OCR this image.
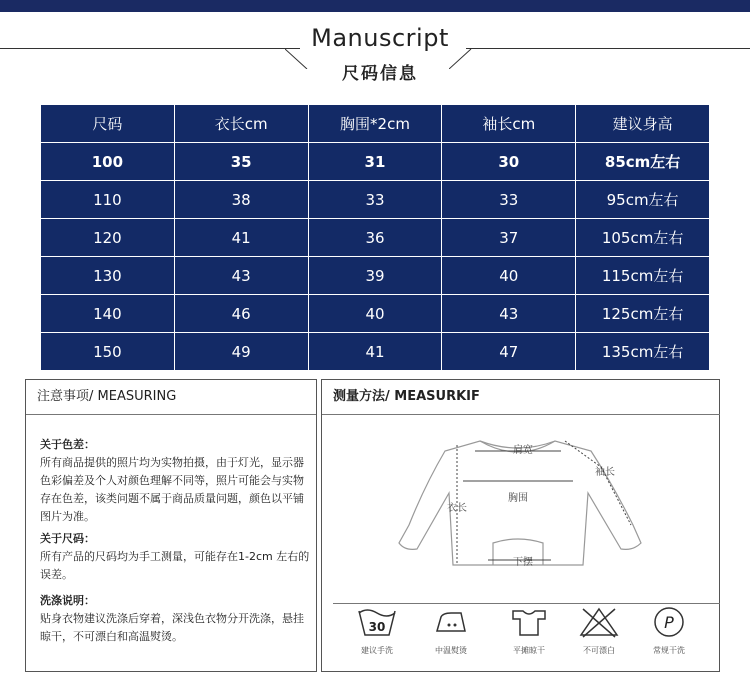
Manuscript
尺码信息
尺码	衣长cm	胸围*2cm	袖长cm	建议身高
100	35	31	30	85cm左右
110	38	33	33	95cm左右
120	41	36	37	105cm左右
130	43	39	40	115cm左右
140	46	40	43	125cm左右
150	49	41	47	135cm左右
注意事项/ MEASURING	测量方法/ MEASURKIF
关于色差：
所有商品提供的照片均为实物拍摄，由于灯光，显示器色彩偏差及个人对颜色理解不同等，照片可能会与实物存在色差，该类问题不属于商品质量问题，颜色以平铺图片为准。
关于尺码：
所有产品的尺码均为手工测量，可能存在1-2cm 左右的误差。
洗涤说明：
贴身衣物建议洗涤后穿着，深浅色衣物分开洗涤，悬挂晾干，不可漂白和高温熨烫。
肩宽
袖长
衣长
胸围
下摆
30
建议手洗	中温熨烫	平摊晾干	不可漂白
P
常规干洗
